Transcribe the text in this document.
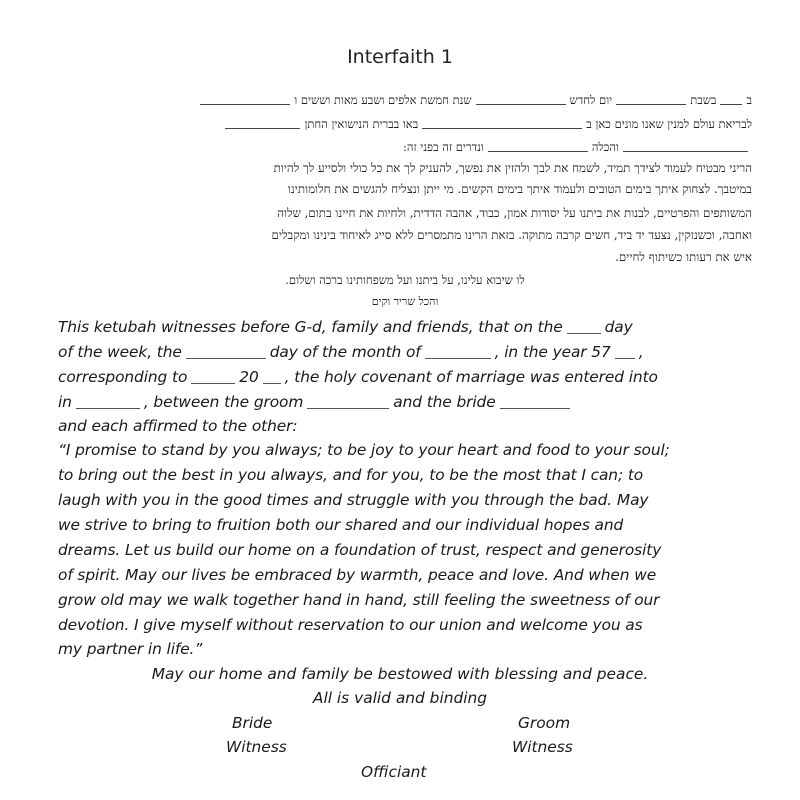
Interfaith 1
בבשבתיום לחדששנת חמשת אלפים ושבע מאות וששים ו
לבריאת עולם למנין שאנו מונים כאן בבאו בברית הנישואין החתן
והכלהונדרים זה בפני זה:
הריני מבטיח לעמוד לצידך תמיד, לשמח את לבך ולהזין את נפשך, להעניק לך את כל כולי ולסייע לך להיות
במיטבך. לצחוק איתך בימים הטובים ולעמוד איתך בימים הקשים. מי ייתן ונצליח להגשים את חלומותינו
המשותפים והפרטיים, לבנות את ביתנו על יסודות אמון, כבוד, אהבה הדדית, ולחיות את חיינו בתום, שלוה
ואחבה, וכשנזקין, נצעד יד ביד, חשים קרבה מתוקה. בזאת הרינו מתמסרים ללא סייג לאיחוד בינינו ומקבלים
איש את רעותו כשיתוף לחיים.
לו שיבוא עלינו, על ביתנו ועל משפחותינו ברכה ושלום.
והכל שריר וקים
This ketubah witnesses before G-d, family and friends, that on the	day
of the week, the	day of the month of	, in the year 57 ,
corresponding to	20 , the holy covenant of marriage was entered into
in	, between the groom	and the bride
and each affirmed to the other:
“I promise to stand by you always; to be joy to your heart and food to your soul;
to bring out the best in you always, and for you, to be the most that I can; to
laugh with you in the good times and struggle with you through the bad. May
we strive to bring to fruition both our shared and our individual hopes and
dreams. Let us build our home on a foundation of trust, respect and generosity
of spirit. May our lives be embraced by warmth, peace and love. And when we
grow old may we walk together hand in hand, still feeling the sweetness of our
devotion. I give myself without reservation to our union and welcome you as
my partner in life.”
May our home and family be bestowed with blessing and peace.
All is valid and binding
Bride	Groom
Witness	Witness
Officiant
